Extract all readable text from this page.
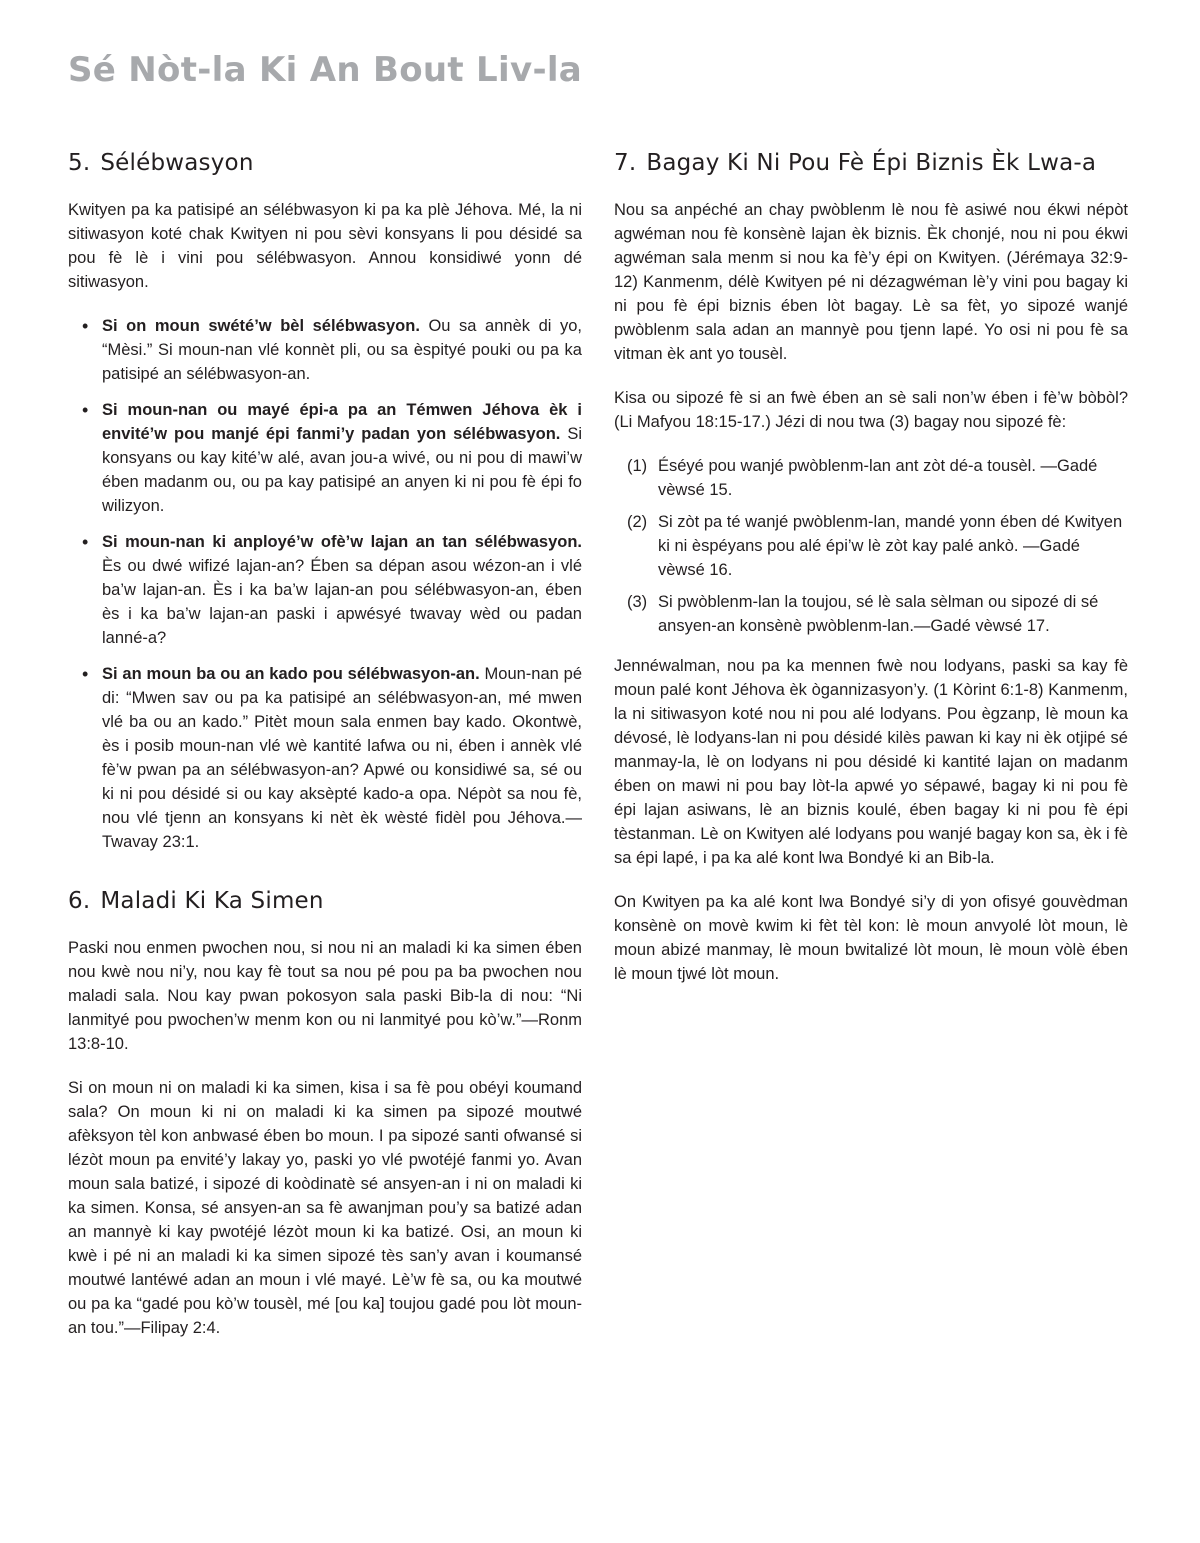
Sé Nòt-la Ki An Bout Liv-la
5. Sélébwasyon

Kwityen pa ka patisipé an sélébwasyon ki pa ka plè Jéhova. Mé, la ni sitiwasyon koté chak Kwityen ni pou sèvi konsyans li pou désidé sa pou fè lè i vini pou sélébwasyon. Annou konsidiwé yonn dé sitiwasyon.

• Si on moun swété’w bèl sélébwasyon. Ou sa annèk di yo, “Mèsi.” Si moun-nan vlé konnèt pli, ou sa èspityé pouki ou pa ka patisipé an sélébwasyon-an.
• Si moun-nan ou mayé épi-a pa an Témwen Jéhova èk i envité’w pou manjé épi fanmi’y padan yon sélébwasyon. Si konsyans ou kay kité’w alé, avan jou-a wivé, ou ni pou di mawi’w ében madanm ou, ou pa kay patisipé an anyen ki ni pou fè épi fo wilizyon.
• Si moun-nan ki anployé’w ofè’w lajan an tan sélébwasyon. Ès ou dwé wifizé lajan-an? Ében sa dépan asou wézon-an i vlé ba’w lajan-an. Ès i ka ba’w lajan-an pou sélébwasyon-an, ében ès i ka ba’w lajan-an paski i apwésyé twavay wèd ou padan lanné-a?
• Si an moun ba ou an kado pou sélébwasyon-an. Moun-nan pé di: “Mwen sav ou pa ka patisipé an sélébwasyon-an, mé mwen vlé ba ou an kado.” Pitèt moun sala enmen bay kado. Okontwè, ès i posib moun-nan vlé wè kantité lafwa ou ni, ében i annèk vlé fè’w pwan pa an sélébwasyon-an? Apwé ou konsidiwé sa, sé ou ki ni pou désidé si ou kay aksèpté kado-a opa. Népòt sa nou fè, nou vlé tjenn an konsyans ki nèt èk wèsté fidèl pou Jéhova.—Twavay 23:1.
6. Maladi Ki Ka Simen

Paski nou enmen pwochen nou, si nou ni an maladi ki ka simen ében nou kwè nou ni’y, nou kay fè tout sa nou pé pou pa ba pwochen nou maladi sala. Nou kay pwan pokosyon sala paski Bib-la di nou: “Ni lanmityé pou pwochen’w menm kon ou ni lanmityé pou kò’w.”—Ronm 13:8-10.

Si on moun ni on maladi ki ka simen, kisa i sa fè pou obéyi koumand sala? On moun ki ni on maladi ki ka simen pa sipozé moutwé afèksyon tèl kon anbwasé ében bo moun. I pa sipozé santi ofwansé si lézòt moun pa envité’y lakay yo, paski yo vlé pwotéjé fanmi yo. Avan moun sala batizé, i sipozé di koòdinatè sé ansyen-an i ni on maladi ki ka simen. Konsa, sé ansyen-an sa fè awanjman pou’y sa batizé adan an mannyè ki kay pwotéjé lézòt moun ki ka batizé. Osi, an moun ki kwè i pé ni an maladi ki ka simen sipozé tès san’y avan i koumansé moutwé lantéwé adan an moun i vlé mayé. Lè’w fè sa, ou ka moutwé ou pa ka “gadé pou kò’w tousèl, mé [ou ka] toujou gadé pou lòt moun-an tou.”—Filipay 2:4.

7. Bagay Ki Ni Pou Fè Épi Biznis Èk Lwa-a

Nou sa anpéché an chay pwòblenm lè nou fè asiwé nou ékwi népòt agwéman nou fè konsènè lajan èk biznis. Èk chonjé, nou ni pou ékwi agwéman sala menm si nou ka fè’y épi on Kwityen. (Jérémaya 32:9-12) Kanmenm, délè Kwityen pé ni dézagwéman lè’y vini pou bagay ki ni pou fè épi biznis ében lòt bagay. Lè sa fèt, yo sipozé wanjé pwòblenm sala adan an mannyè pou tjenn lapé. Yo osi ni pou fè sa vitman èk ant yo tousèl.

Kisa ou sipozé fè si an fwè ében an sè sali non’w ében i fè’w bòbòl? (Li Mafyou 18:15-17.) Jézi di nou twa (3) bagay nou sipozé fè:

(1) Éséyé pou wanjé pwòblenm-lan ant zòt dé-a tousèl. —Gadé vèwsé 15.
(2) Si zòt pa té wanjé pwòblenm-lan, mandé yonn ében dé Kwityen ki ni èspéyans pou alé épi’w lè zòt kay palé ankò. —Gadé vèwsé 16.
(3) Si pwòblenm-lan la toujou, sé lè sala sèlman ou sipozé di sé ansyen-an konsènè pwòblenm-lan.—Gadé vèwsé 17.

Jennéwalman, nou pa ka mennen fwè nou lodyans, paski sa kay fè moun palé kont Jéhova èk ògannizasyon’y. (1 Kòrint 6:1-8) Kanmenm, la ni sitiwasyon koté nou ni pou alé lodyans. Pou ègzanp, lè moun ka dévosé, lè lodyans-lan ni pou désidé kilès pawan ki kay ni èk otjipé sé manmay-la, lè on lodyans ni pou désidé ki kantité lajan on madanm ében on mawi ni pou bay lòt-la apwé yo sépawé, bagay ki ni pou fè épi lajan asiwans, lè an biznis koulé, ében bagay ki ni pou fè épi tèstanman. Lè on Kwityen alé lodyans pou wanjé bagay kon sa, èk i fè sa épi lapé, i pa ka alé kont lwa Bondyé ki an Bib-la.

On Kwityen pa ka alé kont lwa Bondyé si’y di yon ofisyé gouvèdman konsènè on movè kwim ki fèt tèl kon: lè moun anvyolé lòt moun, lè moun abizé manmay, lè moun bwitalizé lòt moun, lè moun vòlè ében lè moun tjwé lòt moun.
